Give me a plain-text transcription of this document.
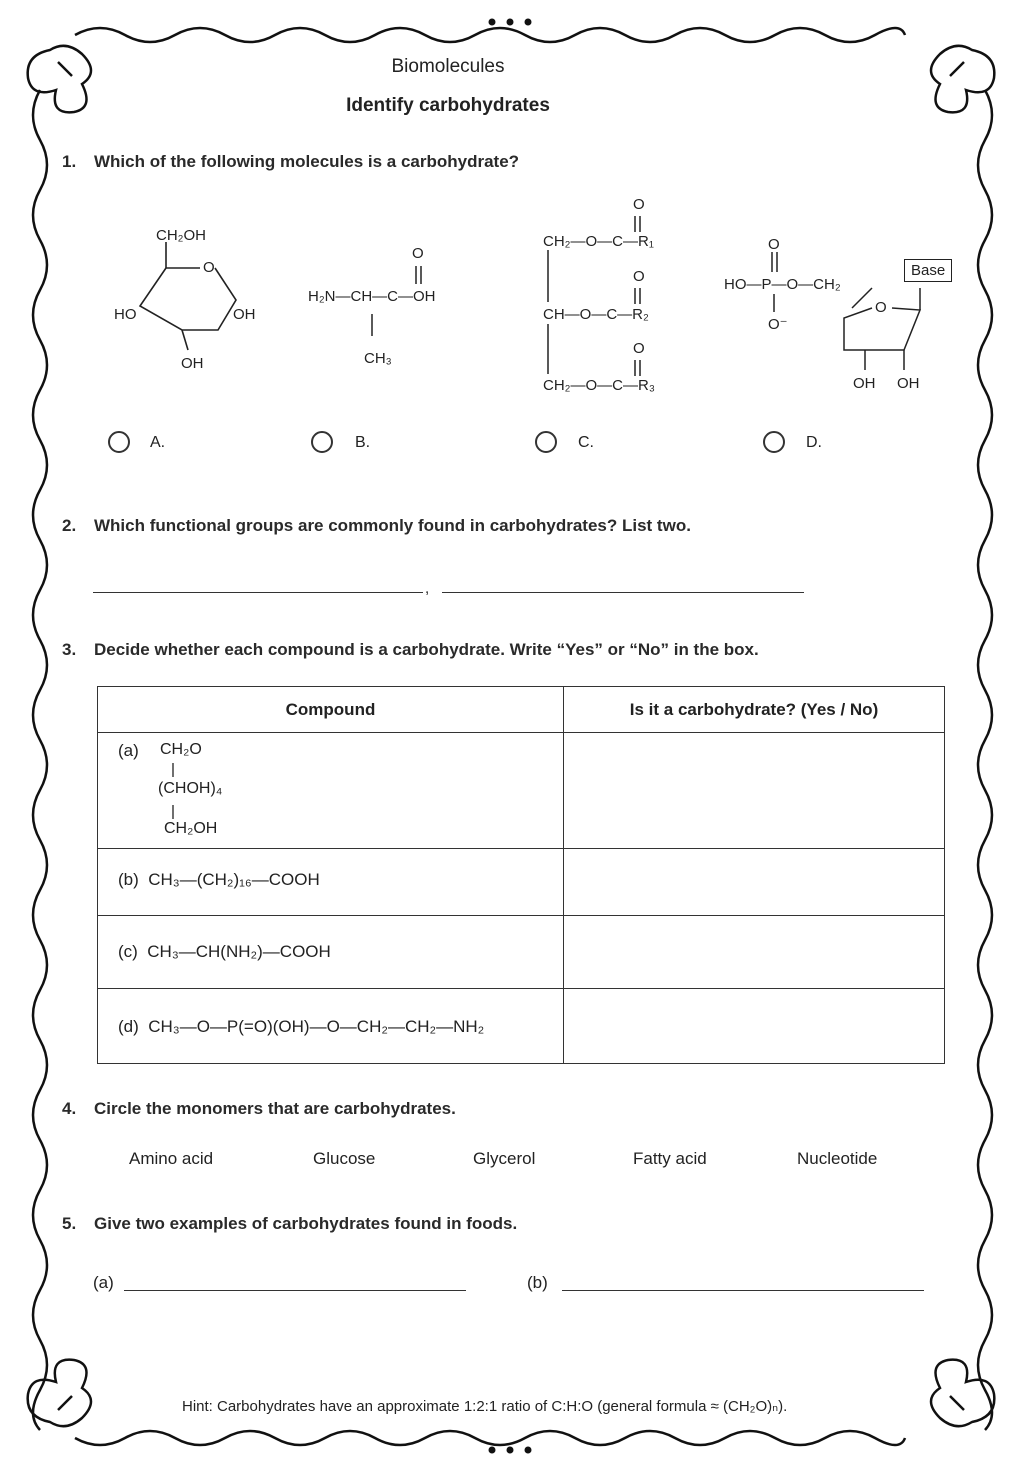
Biomolecules
Identify carbohydrates
1. Which of the following molecules is a carbohydrate?
CH₂OH
O
HO	OH
OH
O
H₂N—CH—C—OH
CH₃
O
CH₂—O—C—R₁
O
CH—O—C—R₂
O
CH₂—O—C—R₃
O
HO—P—O—CH₂
O⁻
O
Base
OH OH
A.	B.	C.	D.
2. Which functional groups are commonly found in carbohydrates? List two.
,
3. Decide whether each compound is a carbohydrate. Write “Yes” or “No” in the box.
Compound	Is it a carbohydrate? (Yes / No)

(a) CH₂O
(CHOH)₄
CH₂OH	

(b) CH₃—(CH₂)₁₆—COOH	

(c) CH₃—CH(NH₂)—COOH	

(d) CH₃—O—P(=O)(OH)—O—CH₂—CH₂—NH₂	

4. Circle the monomers that are carbohydrates.
Amino acid	Glucose	Glycerol	Fatty acid	Nucleotide
5. Give two examples of carbohydrates found in foods.
(a)	(b)
Hint: Carbohydrates have an approximate 1:2:1 ratio of C:H:O (general formula ≈ (CH₂O)ₙ).
